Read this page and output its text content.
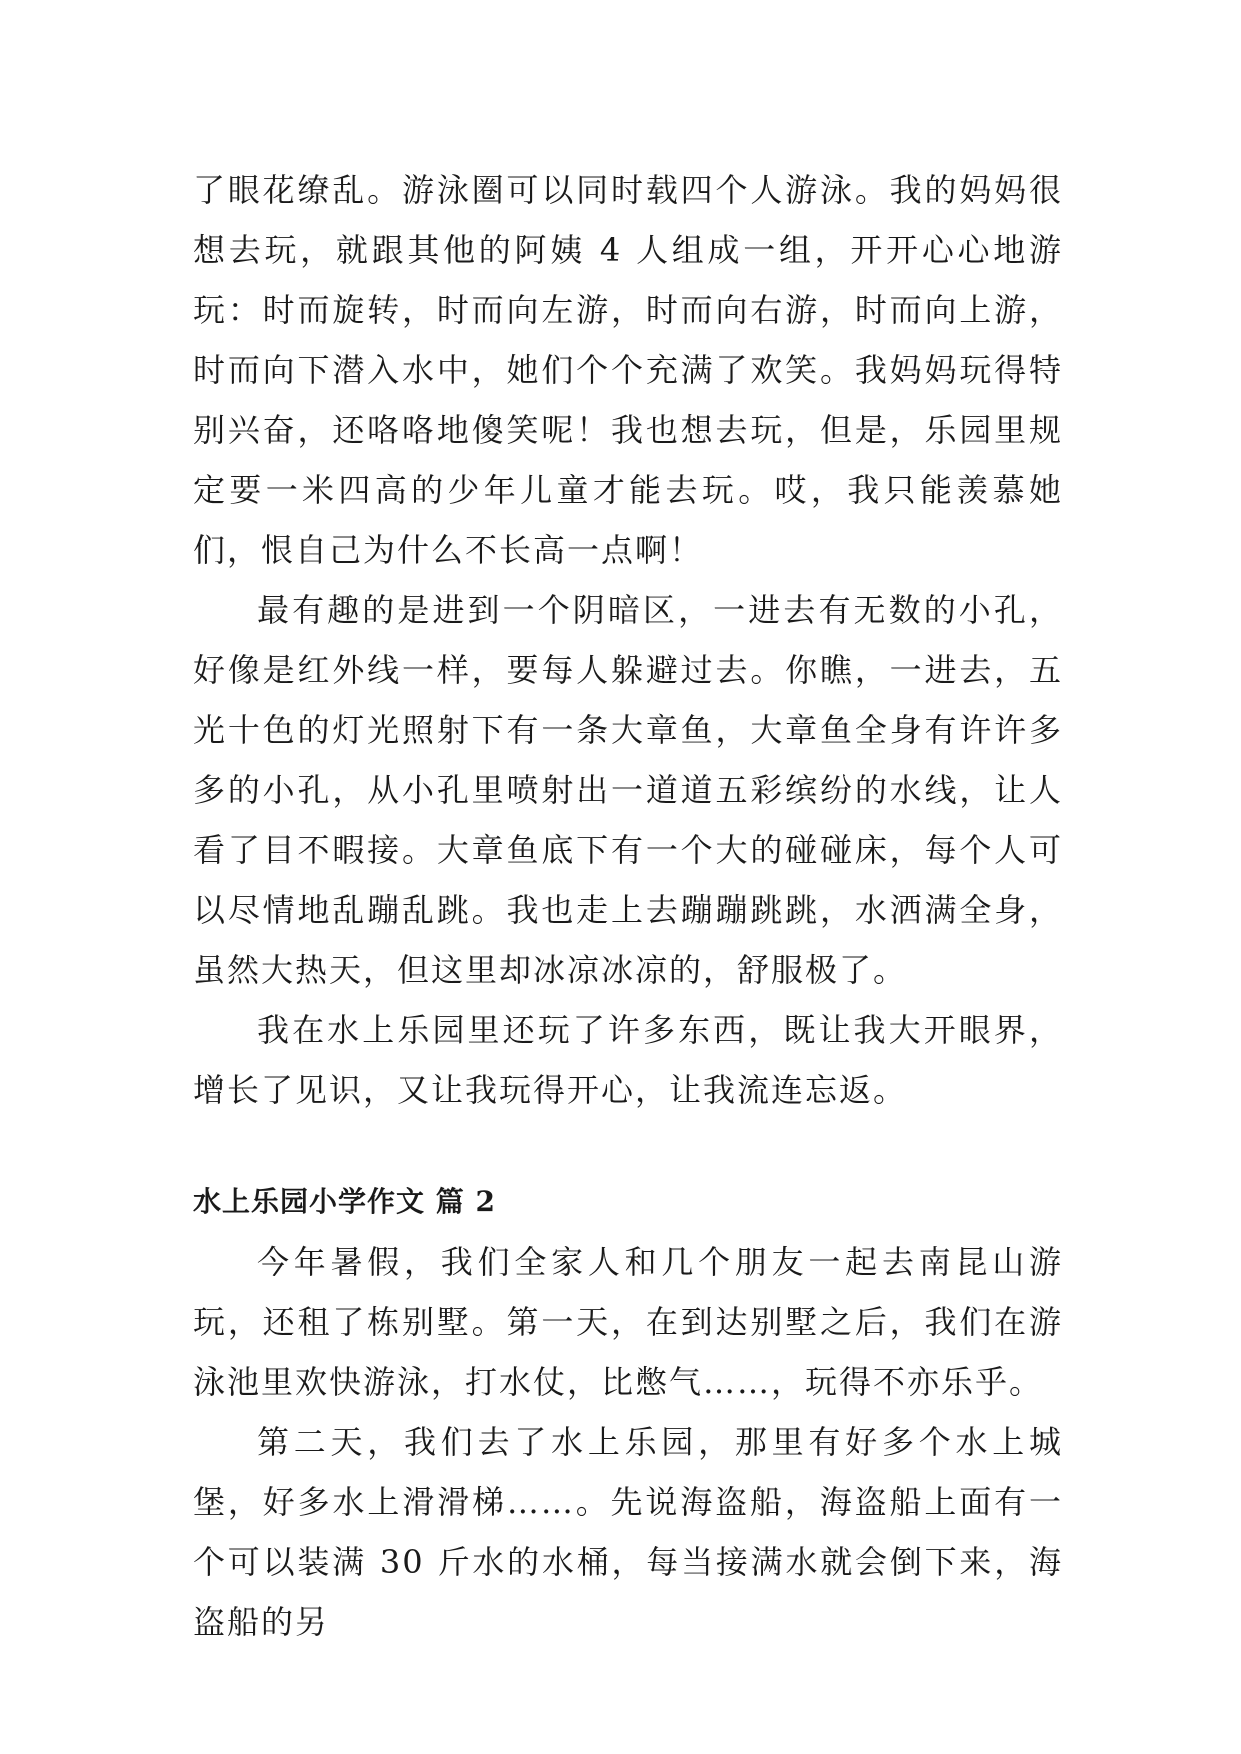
了眼花缭乱。游泳圈可以同时载四个人游泳。我的妈妈很想去玩，就跟其他的阿姨 4 人组成一组，开开心心地游玩：时而旋转，时而向左游，时而向右游，时而向上游，时而向下潜入水中，她们个个充满了欢笑。我妈妈玩得特别兴奋，还咯咯地傻笑呢！我也想去玩，但是，乐园里规定要一米四高的少年儿童才能去玩。哎，我只能羡慕她们，恨自己为什么不长高一点啊！

最有趣的是进到一个阴暗区，一进去有无数的小孔，好像是红外线一样，要每人躲避过去。你瞧，一进去，五光十色的灯光照射下有一条大章鱼，大章鱼全身有许许多多的小孔，从小孔里喷射出一道道五彩缤纷的水线，让人看了目不暇接。大章鱼底下有一个大的碰碰床，每个人可以尽情地乱蹦乱跳。我也走上去蹦蹦跳跳，水洒满全身，虽然大热天，但这里却冰凉冰凉的，舒服极了。

我在水上乐园里还玩了许多东西，既让我大开眼界，增长了见识，又让我玩得开心，让我流连忘返。

水上乐园小学作文 篇 2

今年暑假，我们全家人和几个朋友一起去南昆山游玩，还租了栋别墅。第一天，在到达别墅之后，我们在游泳池里欢快游泳，打水仗，比憋气……，玩得不亦乐乎。

第二天，我们去了水上乐园，那里有好多个水上城堡，好多水上滑滑梯……。先说海盗船，海盗船上面有一个可以装满 30 斤水的水桶，每当接满水就会倒下来，海盗船的另
